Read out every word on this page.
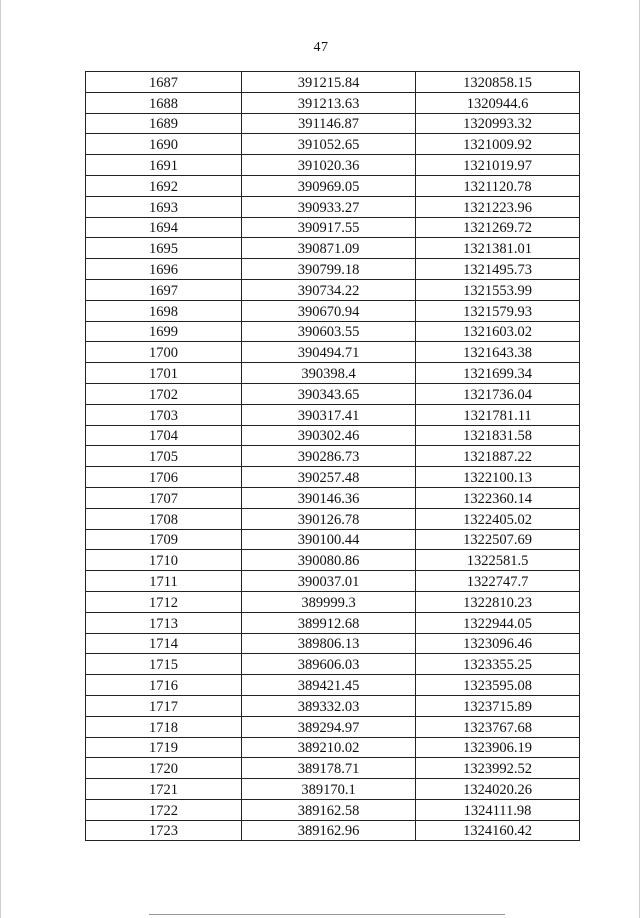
47
1687	391215.84	1320858.15
1688	391213.63	1320944.6
1689	391146.87	1320993.32
1690	391052.65	1321009.92
1691	391020.36	1321019.97
1692	390969.05	1321120.78
1693	390933.27	1321223.96
1694	390917.55	1321269.72
1695	390871.09	1321381.01
1696	390799.18	1321495.73
1697	390734.22	1321553.99
1698	390670.94	1321579.93
1699	390603.55	1321603.02
1700	390494.71	1321643.38
1701	390398.4	1321699.34
1702	390343.65	1321736.04
1703	390317.41	1321781.11
1704	390302.46	1321831.58
1705	390286.73	1321887.22
1706	390257.48	1322100.13
1707	390146.36	1322360.14
1708	390126.78	1322405.02
1709	390100.44	1322507.69
1710	390080.86	1322581.5
1711	390037.01	1322747.7
1712	389999.3	1322810.23
1713	389912.68	1322944.05
1714	389806.13	1323096.46
1715	389606.03	1323355.25
1716	389421.45	1323595.08
1717	389332.03	1323715.89
1718	389294.97	1323767.68
1719	389210.02	1323906.19
1720	389178.71	1323992.52
1721	389170.1	1324020.26
1722	389162.58	1324111.98
1723	389162.96	1324160.42
